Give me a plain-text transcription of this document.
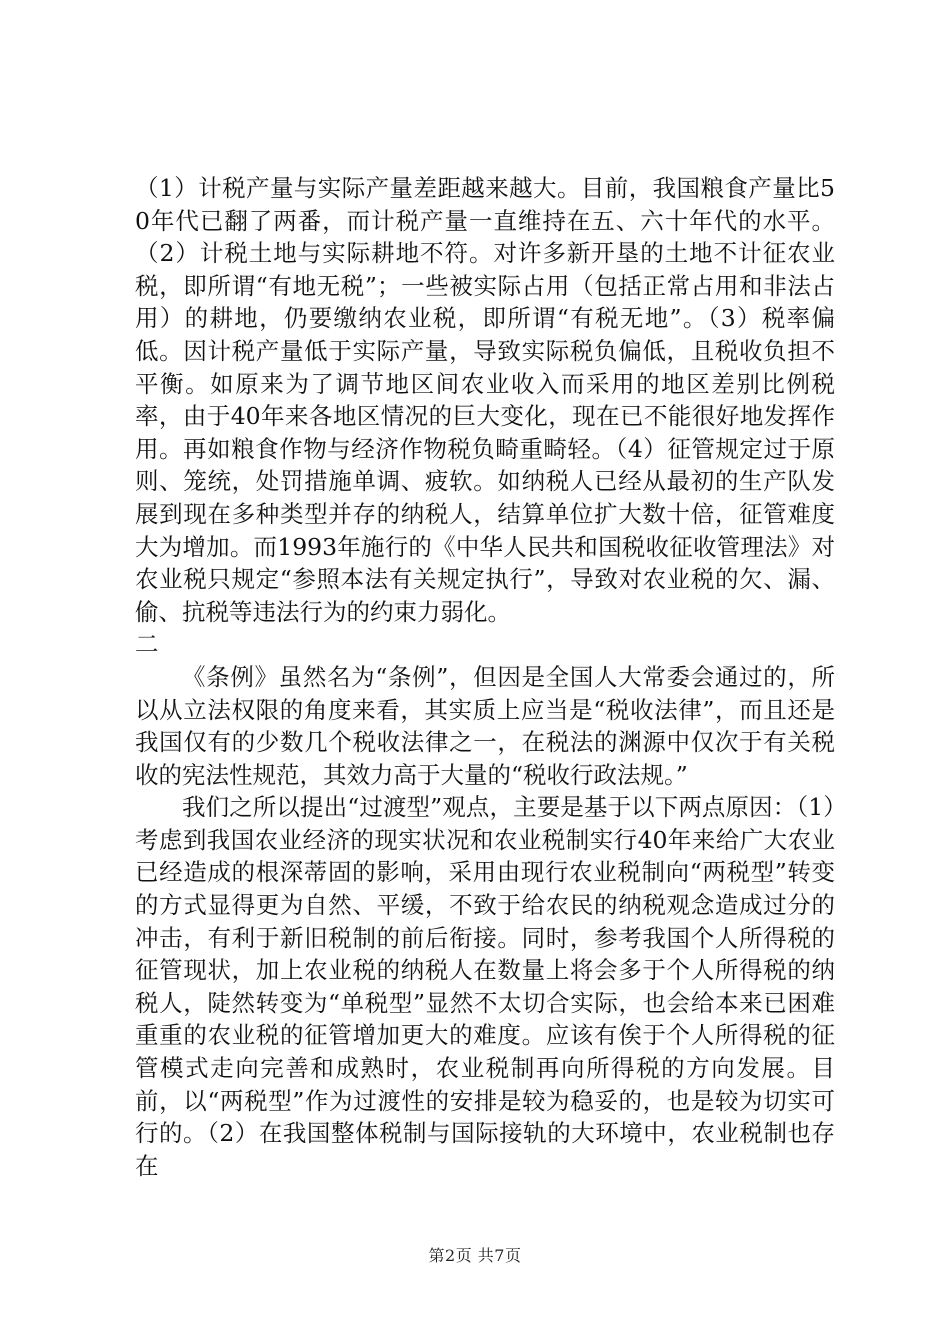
（1）计税产量与实际产量差距越来越大。目前，我国粮食产量比50年代已翻了两番，而计税产量一直维持在五、六十年代的水平。（2）计税土地与实际耕地不符。对许多新开垦的土地不计征农业税，即所谓“有地无税”；一些被实际占用（包括正常占用和非法占用）的耕地，仍要缴纳农业税，即所谓“有税无地”。（3）税率偏低。因计税产量低于实际产量，导致实际税负偏低，且税收负担不平衡。如原来为了调节地区间农业收入而采用的地区差别比例税率，由于40年来各地区情况的巨大变化，现在已不能很好地发挥作用。再如粮食作物与经济作物税负畸重畸轻。（4）征管规定过于原则、笼统，处罚措施单调、疲软。如纳税人已经从最初的生产队发展到现在多种类型并存的纳税人，结算单位扩大数十倍，征管难度大为增加。而1993年施行的《中华人民共和国税收征收管理法》对农业税只规定“参照本法有关规定执行”，导致对农业税的欠、漏、偷、抗税等违法行为的约束力弱化。

二

《条例》虽然名为“条例”，但因是全国人大常委会通过的，所以从立法权限的角度来看，其实质上应当是“税收法律”，而且还是我国仅有的少数几个税收法律之一，在税法的渊源中仅次于有关税收的宪法性规范，其效力高于大量的“税收行政法规。”

我们之所以提出“过渡型”观点，主要是基于以下两点原因：（1）考虑到我国农业经济的现实状况和农业税制实行40年来给广大农业已经造成的根深蒂固的影响，采用由现行农业税制向“两税型”转变的方式显得更为自然、平缓，不致于给农民的纳税观念造成过分的冲击，有利于新旧税制的前后衔接。同时，参考我国个人所得税的征管现状，加上农业税的纳税人在数量上将会多于个人所得税的纳税人，陡然转变为“单税型”显然不太切合实际，也会给本来已困难重重的农业税的征管增加更大的难度。应该有俟于个人所得税的征管模式走向完善和成熟时，农业税制再向所得税的方向发展。目前，以“两税型”作为过渡性的安排是较为稳妥的，也是较为切实可行的。（2）在我国整体税制与国际接轨的大环境中，农业税制也存在

第2页 共7页
